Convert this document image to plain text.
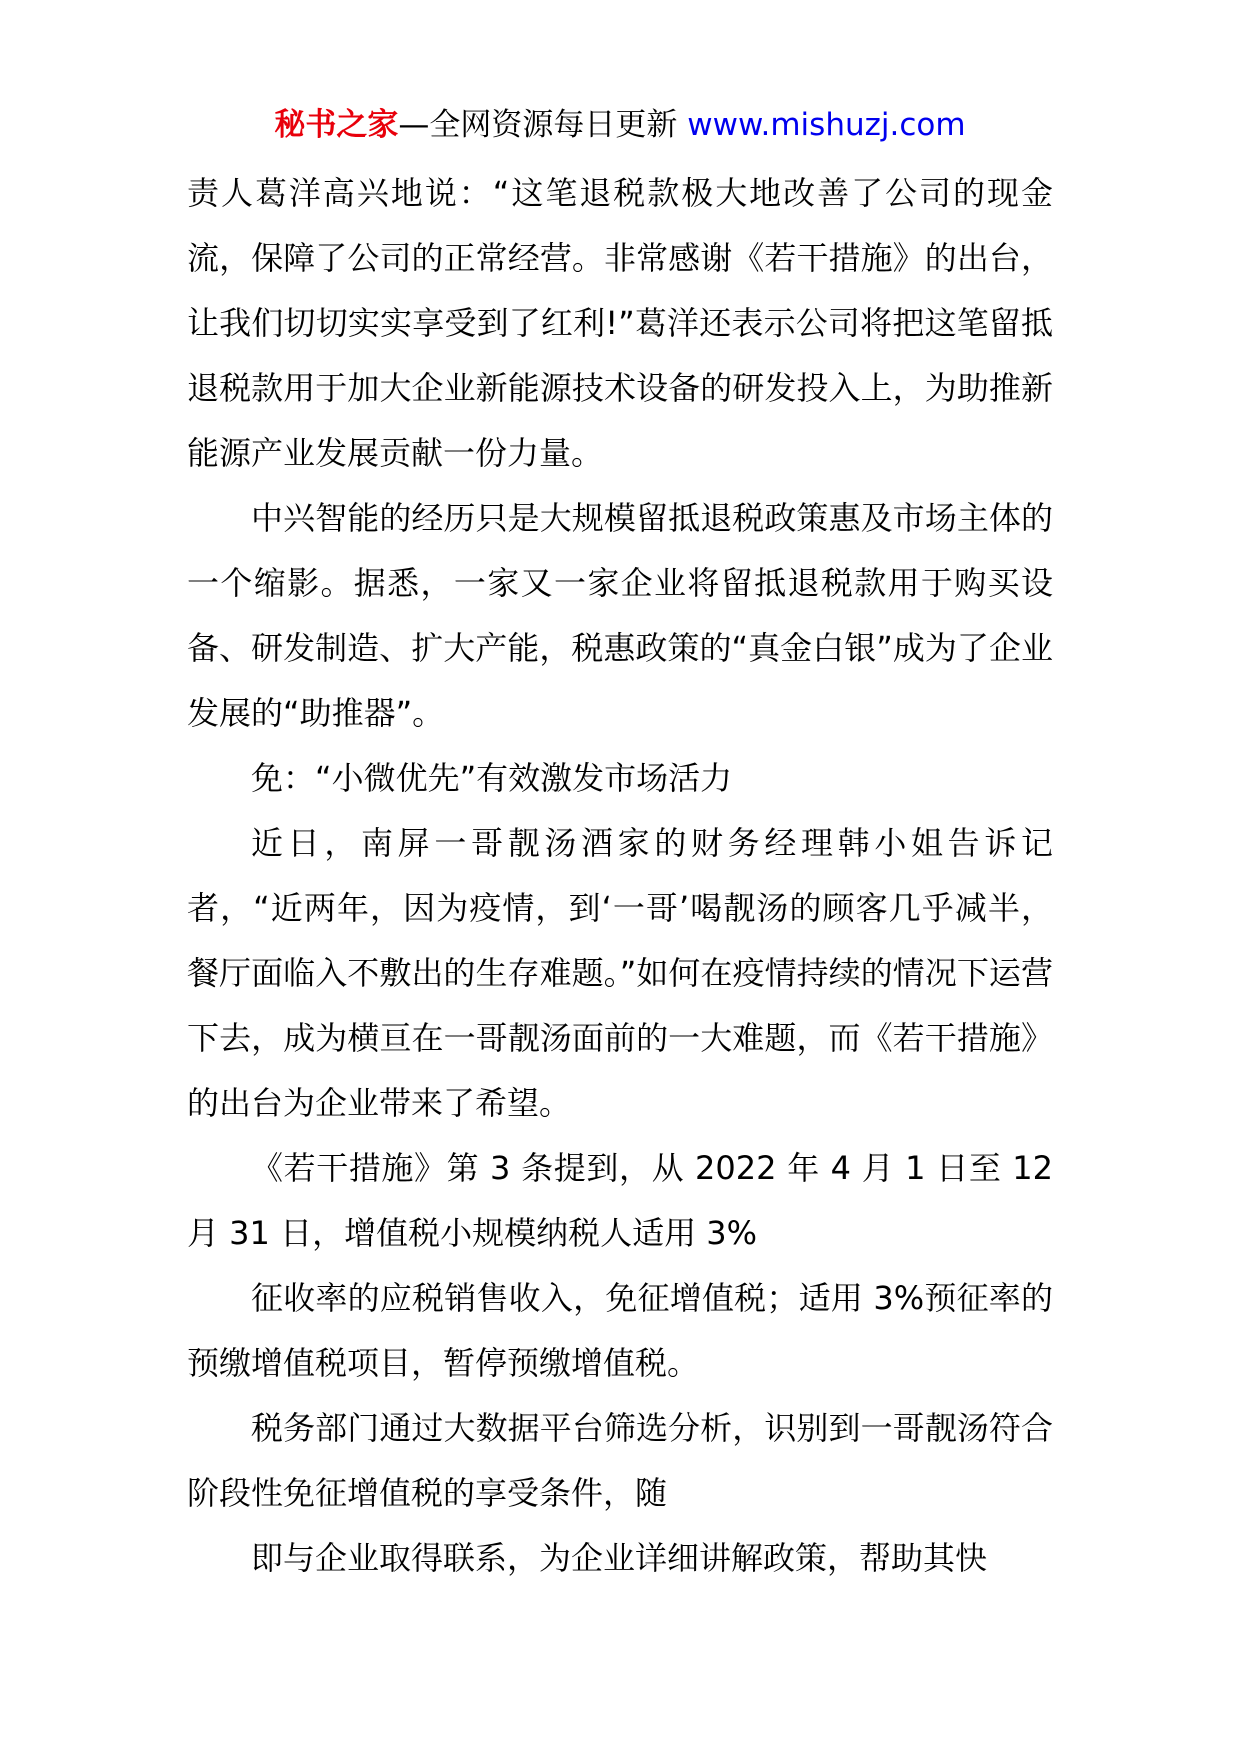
秘书之家—全网资源每日更新 www.mishuzj.com

责人葛洋高兴地说：“这笔退税款极大地改善了公司的现金流，保障了公司的正常经营。非常感谢《若干措施》的出台，让我们切切实实享受到了红利!”葛洋还表示公司将把这笔留抵退税款用于加大企业新能源技术设备的研发投入上，为助推新能源产业发展贡献一份力量。

中兴智能的经历只是大规模留抵退税政策惠及市场主体的一个缩影。据悉，一家又一家企业将留抵退税款用于购买设备、研发制造、扩大产能，税惠政策的“真金白银”成为了企业发展的“助推器”。

免：“小微优先”有效激发市场活力

近日，南屏一哥靓汤酒家的财务经理韩小姐告诉记者，“近两年，因为疫情，到‘一哥’喝靓汤的顾客几乎减半，餐厅面临入不敷出的生存难题。”如何在疫情持续的情况下运营下去，成为横亘在一哥靓汤面前的一大难题，而《若干措施》的出台为企业带来了希望。

《若干措施》第 3 条提到，从 2022 年 4 月 1 日至 12 月 31 日，增值税小规模纳税人适用 3%

征收率的应税销售收入，免征增值税；适用 3%预征率的预缴增值税项目，暂停预缴增值税。

税务部门通过大数据平台筛选分析，识别到一哥靓汤符合阶段性免征增值税的享受条件，随

即与企业取得联系，为企业详细讲解政策，帮助其快
